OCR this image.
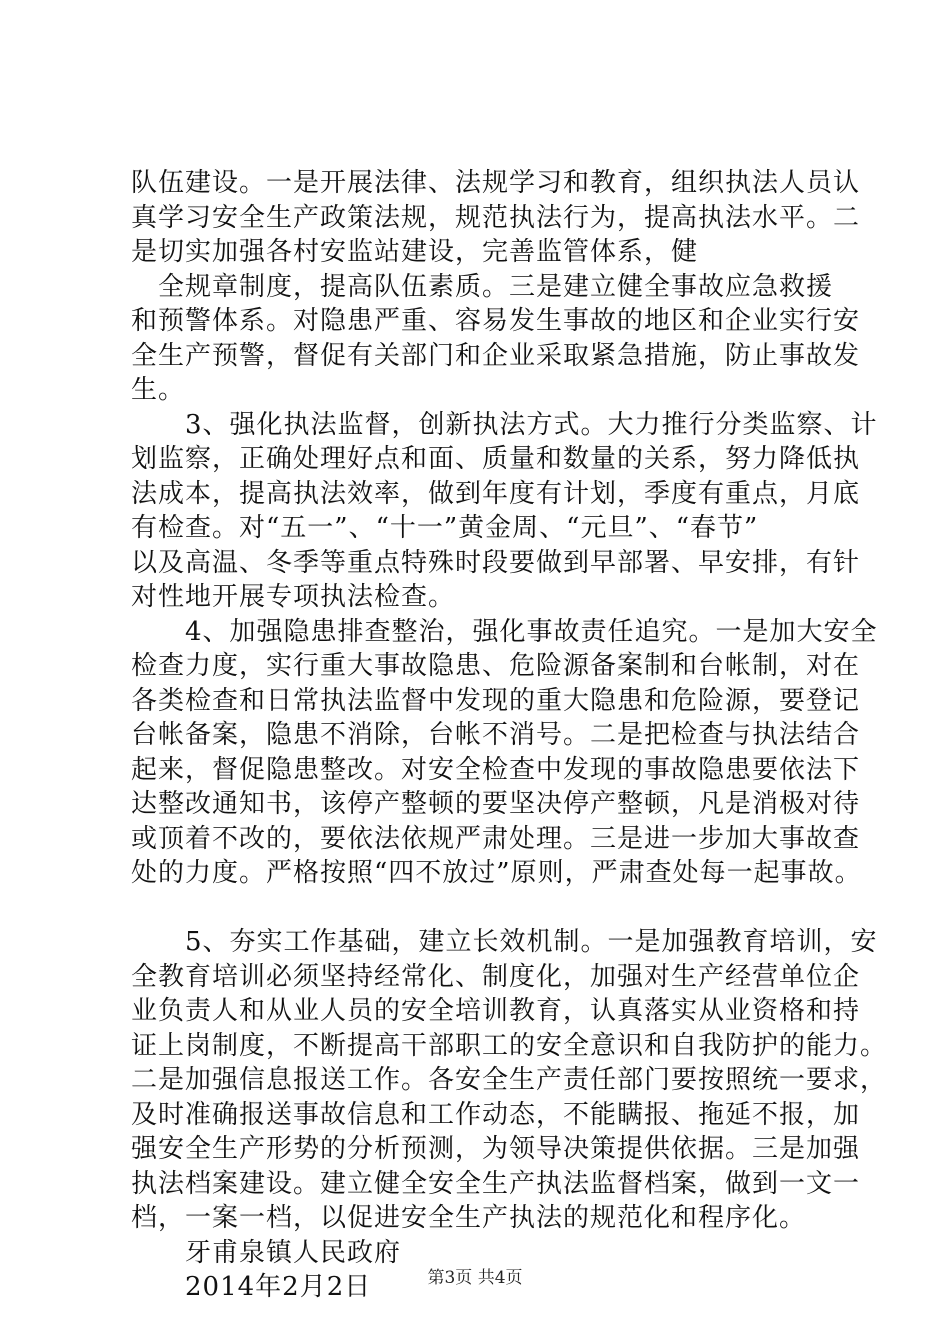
队伍建设。一是开展法律、法规学习和教育，组织执法人员认
真学习安全生产政策法规，规范执法行为，提高执法水平。二
是切实加强各村安监站建设，完善监管体系，健
　全规章制度，提高队伍素质。三是建立健全事故应急救援
和预警体系。对隐患严重、容易发生事故的地区和企业实行安
全生产预警，督促有关部门和企业采取紧急措施，防止事故发
生。
　　3、强化执法监督，创新执法方式。大力推行分类监察、计
划监察，正确处理好点和面、质量和数量的关系，努力降低执
法成本，提高执法效率，做到年度有计划，季度有重点，月底
有检查。对“五一”、“十一”黄金周、“元旦”、“春节”
以及高温、冬季等重点特殊时段要做到早部署、早安排，有针
对性地开展专项执法检查。
　　4、加强隐患排查整治，强化事故责任追究。一是加大安全
检查力度，实行重大事故隐患、危险源备案制和台帐制，对在
各类检查和日常执法监督中发现的重大隐患和危险源，要登记
台帐备案，隐患不消除，台帐不消号。二是把检查与执法结合
起来，督促隐患整改。对安全检查中发现的事故隐患要依法下
达整改通知书，该停产整顿的要坚决停产整顿，凡是消极对待
或顶着不改的，要依法依规严肃处理。三是进一步加大事故查
处的力度。严格按照“四不放过”原则，严肃查处每一起事故。
　　5、夯实工作基础，建立长效机制。一是加强教育培训，安
全教育培训必须坚持经常化、制度化，加强对生产经营单位企
业负责人和从业人员的安全培训教育，认真落实从业资格和持
证上岗制度，不断提高干部职工的安全意识和自我防护的能力。
二是加强信息报送工作。各安全生产责任部门要按照统一要求，
及时准确报送事故信息和工作动态，不能瞒报、拖延不报，加
强安全生产形势的分析预测，为领导决策提供依据。三是加强
执法档案建设。建立健全安全生产执法监督档案，做到一文一
档，一案一档，以促进安全生产执法的规范化和程序化。
　　牙甫泉镇人民政府
　　2014年2月2日	第3页 共4页
